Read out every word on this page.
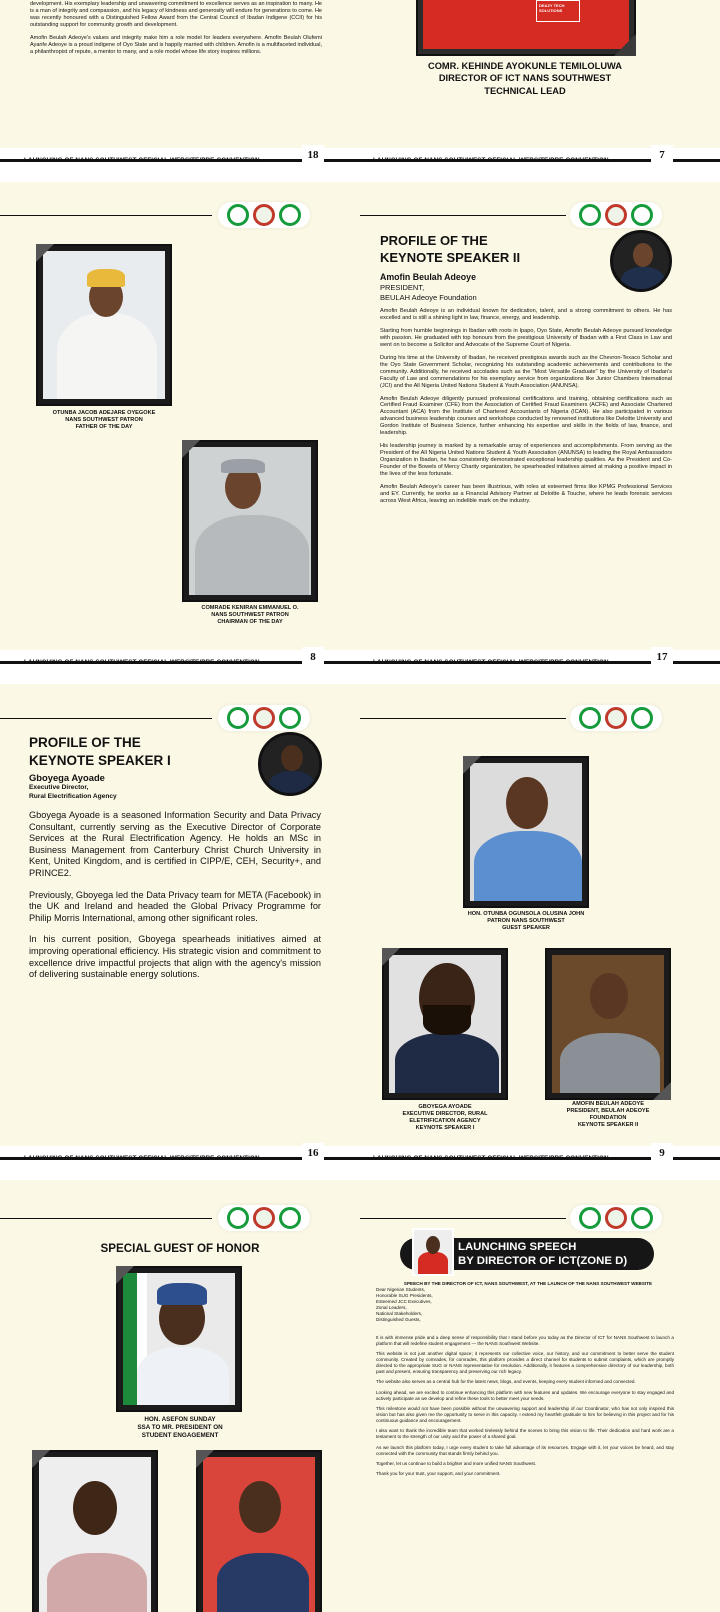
development. His exemplary leadership and unwavering commitment to excellence serves as an inspiration to many. He is a man of integrity and compassion, and his legacy of kindness and generosity will endure for generations to come. He was recently honoured with a Distinguished Fellow Award from the Central Council of Ibadan Indigene (CCII) for his outstanding support for community growth and development.

Amofin Beulah Adeoye's values and integrity make him a role model for leaders everywhere. Amofin Beulah Olufemi Ayanfe Adeoye is a proud indigene of Oyo State and is happily married with children. Amofin is a multifaceted individual, a philanthropist of repute, a mentor to many, and a role model whose life story inspires millions.

DEAZY TECH SOLUTIONS
COMR. KEHINDE AYOKUNLE TEMILOLUWA
DIRECTOR OF ICT NANS SOUTHWEST
TECHNICAL LEAD
LAUNCHING OF NANS SOUTHWEST OFFICIAL WEBSITE/PRE-CONVENTION	18	LAUNCHING OF NANS SOUTHWEST OFFICIAL WEBSITE/PRE-CONVENTION	7
OTUNBA JACOB ADEJARE OYEGOKE
NANS SOUTHWEST PATRON
FATHER OF THE DAY
COMRADE KENIRAN EMMANUEL O.
NANS SOUTHWEST PATRON
CHAIRMAN OF THE DAY
PROFILE OF THE
KEYNOTE SPEAKER II
Amofin Beulah Adeoye
PRESIDENT,
BEULAH Adeoye Foundation

Amofin Beulah Adeoye is an individual known for dedication, talent, and a strong commitment to others. He has excelled and is still a shining light in law, finance, energy, and leadership.

Starting from humble beginnings in Ibadan with roots in Ipapo, Oyo State, Amofin Beulah Adeoye pursued knowledge with passion. He graduated with top honours from the prestigious University of Ibadan with a First Class in Law and went on to become a Solicitor and Advocate of the Supreme Court of Nigeria.

During his time at the University of Ibadan, he received prestigious awards such as the Chevron-Texaco Scholar and the Oyo State Government Scholar, recognizing his outstanding academic achievements and contributions to the community. Additionally, he received accolades such as the "Most Versatile Graduate" by the University of Ibadan's Faculty of Law and commendations for his exemplary service from organizations like Junior Chambers International (JCI) and the All Nigeria United Nations Student & Youth Association (ANUNSA).

Amofin Beulah Adeoye diligently pursued professional certifications and training, obtaining certifications such as Certified Fraud Examiner (CFE) from the Association of Certified Fraud Examiners (ACFE) and Associate Chartered Accountant (ACA) from the Institute of Chartered Accountants of Nigeria (ICAN). He also participated in various advanced business leadership courses and workshops conducted by renowned institutions like Deloitte University and Gordon Institute of Business Science, further enhancing his expertise and skills in the fields of law, finance, and leadership.

His leadership journey is marked by a remarkable array of experiences and accomplishments. From serving as the President of the All Nigeria United Nations Student & Youth Association (ANUNSA) to leading the Royal Ambassadors Organization in Ibadan, he has consistently demonstrated exceptional leadership qualities. As the President and Co-Founder of the Bowels of Mercy Charity organization, he spearheaded initiatives aimed at making a positive impact in the lives of the less fortunate.

Amofin Beulah Adeoye's career has been illustrious, with roles at esteemed firms like KPMG Professional Services and EY. Currently, he works as a Financial Advisory Partner at Deloitte & Touche, where he leads forensic services across West Africa, leaving an indelible mark on the industry.

LAUNCHING OF NANS SOUTHWEST OFFICIAL WEBSITE/PRE-CONVENTION	8	LAUNCHING OF NANS SOUTHWEST OFFICIAL WEBSITE/PRE-CONVENTION	17
PROFILE OF THE
KEYNOTE SPEAKER I
Gboyega Ayoade
Executive Director,
Rural Electrification Agency

Gboyega Ayoade is a seasoned Information Security and Data Privacy Consultant, currently serving as the Executive Director of Corporate Services at the Rural Electrification Agency. He holds an MSc in Business Management from Canterbury Christ Church University in Kent, United Kingdom, and is certified in CIPP/E, CEH, Security+, and PRINCE2.

Previously, Gboyega led the Data Privacy team for META (Facebook) in the UK and Ireland and headed the Global Privacy Programme for Philip Morris International, among other significant roles.

In his current position, Gboyega spearheads initiatives aimed at improving operational efficiency. His strategic vision and commitment to excellence drive impactful projects that align with the agency's mission of delivering sustainable energy solutions.

HON. OTUNBA OGUNSOLA OLUSINA JOHN
PATRON NANS SOUTHWEST
GUEST SPEAKER
GBOYEGA AYOADE
EXECUTIVE DIRECTOR, RURAL
ELETRIFICATION AGENCY
KEYNOTE SPEAKER I
AMOFIN BEULAH ADEOYE
PRESIDENT, BEULAH ADEOYE
FOUNDATION
KEYNOTE SPEAKER II
LAUNCHING OF NANS SOUTHWEST OFFICIAL WEBSITE/PRE-CONVENTION	16	LAUNCHING OF NANS SOUTHWEST OFFICIAL WEBSITE/PRE-CONVENTION	9
SPECIAL GUEST OF HONOR
HON. ASEFON SUNDAY
SSA TO MR. PRESIDENT ON
STUDENT ENGAGEMENT
LAUNCHING SPEECH
BY DIRECTOR OF ICT(ZONE D)
SPEECH BY THE DIRECTOR OF ICT, NANS SOUTHWEST, AT THE LAUNCH OF THE NANS SOUTHWEST WEBSITE
Dear Nigerian Students,
Honorable SUG Presidents,
Esteemed JCC Executives,
Zonal Leaders,
National Stakeholders,
Distinguished Guests,

It is with immense pride and a deep sense of responsibility that I stand before you today as the Director of ICT for NANS Southwest to launch a platform that will redefine student engagement — the NANS Southwest Website.

This website is not just another digital space; it represents our collective voice, our history, and our commitment to better serve the student community. Created by comrades, for comrades, this platform provides a direct channel for students to submit complaints, which are promptly directed to the appropriate SUG or NANS representative for resolution. Additionally, it features a comprehensive directory of our leadership, both past and present, ensuring transparency and preserving our rich legacy.

The website also serves as a central hub for the latest news, blogs, and events, keeping every student informed and connected.

Looking ahead, we are excited to continue enhancing this platform with new features and updates. We encourage everyone to stay engaged and actively participate as we develop and refine these tools to better meet your needs.

This milestone would not have been possible without the unwavering support and leadership of our Coordinator, who has not only inspired this vision but has also given me the opportunity to serve in this capacity. I extend my heartfelt gratitude to him for believing in this project and for his continuous guidance and encouragement.

I also want to thank the incredible team that worked tirelessly behind the scenes to bring this vision to life. Their dedication and hard work are a testament to the strength of our unity and the power of a shared goal.

As we launch this platform today, I urge every student to take full advantage of its resources. Engage with it, let your voices be heard, and stay connected with the community that stands firmly behind you.

Together, let us continue to build a brighter and more unified NANS Southwest.

Thank you for your trust, your support, and your commitment.
